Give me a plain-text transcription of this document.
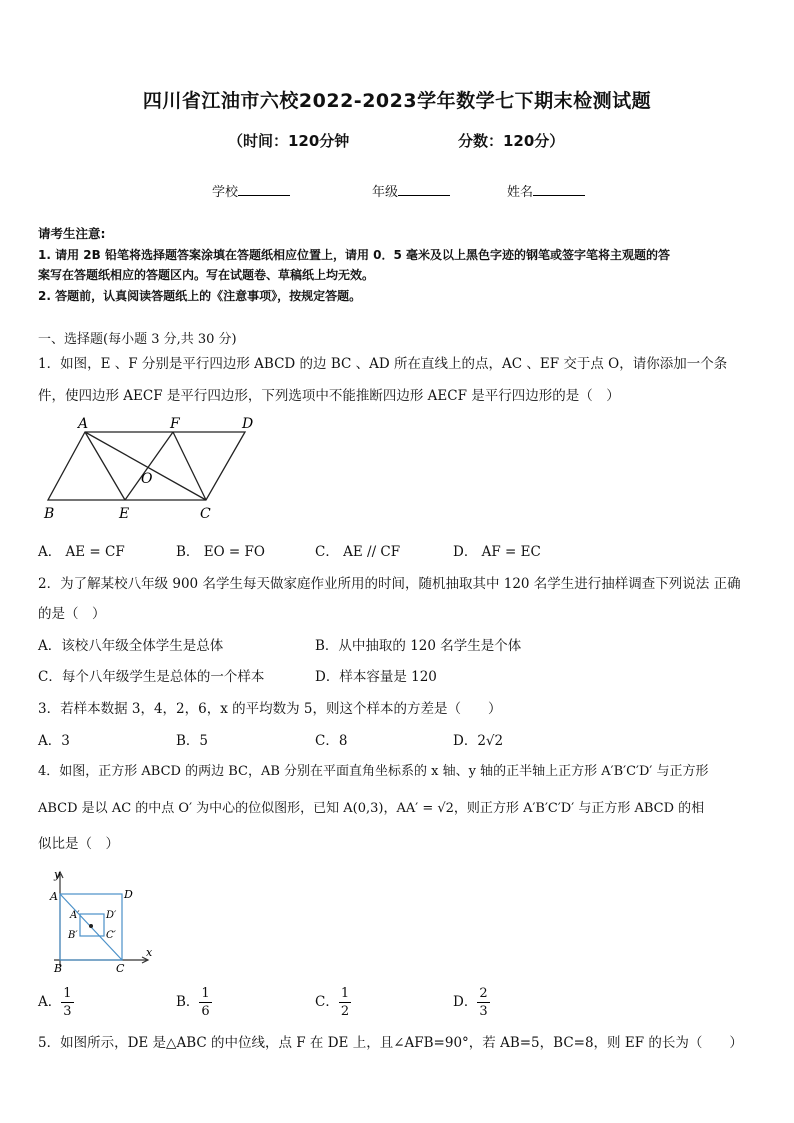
四川省江油市六校2022-2023学年数学七下期末检测试题
（时间：120分钟	分数：120分）
学校	年级	姓名
请考生注意:
1. 请用 2B 铅笔将选择题答案涂填在答题纸相应位置上，请用 0．5 毫米及以上黑色字迹的钢笔或签字笔将主观题的答
案写在答题纸相应的答题区内。写在试题卷、草稿纸上均无效。
2. 答题前，认真阅读答题纸上的《注意事项》，按规定答题。
一、选择题(每小题 3 分,共 30 分)
1．如图，E 、F 分别是平行四边形 ABCD 的边 BC 、AD 所在直线上的点，AC 、EF 交于点 O，请你添加一个条
件，使四边形 AECF 是平行四边形，下列选项中不能推断四边形 AECF 是平行四边形的是（　）
A	F	D
O
B	E	C
A． AE = CF	B． EO = FO	C． AE // CF	D． AF = EC
2．为了解某校八年级 900 名学生每天做家庭作业所用的时间，随机抽取其中 120 名学生进行抽样调查下列说法 正确
的是（　）
A．该校八年级全体学生是总体	B．从中抽取的 120 名学生是个体
C．每个八年级学生是总体的一个样本	D．样本容量是 120
3．若样本数据 3，4，2，6，x 的平均数为 5，则这个样本的方差是（　　）
A．3	B．5	C．8	D．2√2
4．如图，正方形 ABCD 的两边 BC，AB 分别在平面直角坐标系的 x 轴、y 轴的正半轴上正方形 A′B′C′D′ 与正方形
ABCD 是以 AC 的中点 O′ 为中心的位似图形，已知 A(0,3)，AA′ = √2，则正方形 A′B′C′D′ 与正方形 ABCD 的相
似比是（　）
y
A	D
A′	D′
B′	C′
B	C
x
A． $\frac{1}{3}$	B． $\frac{1}{6}$	C． $\frac{1}{2}$	D． $\frac{2}{3}$
5．如图所示，DE 是△ABC 的中位线，点 F 在 DE 上，且∠AFB=90°，若 AB=5，BC=8，则 EF 的长为（　　）
